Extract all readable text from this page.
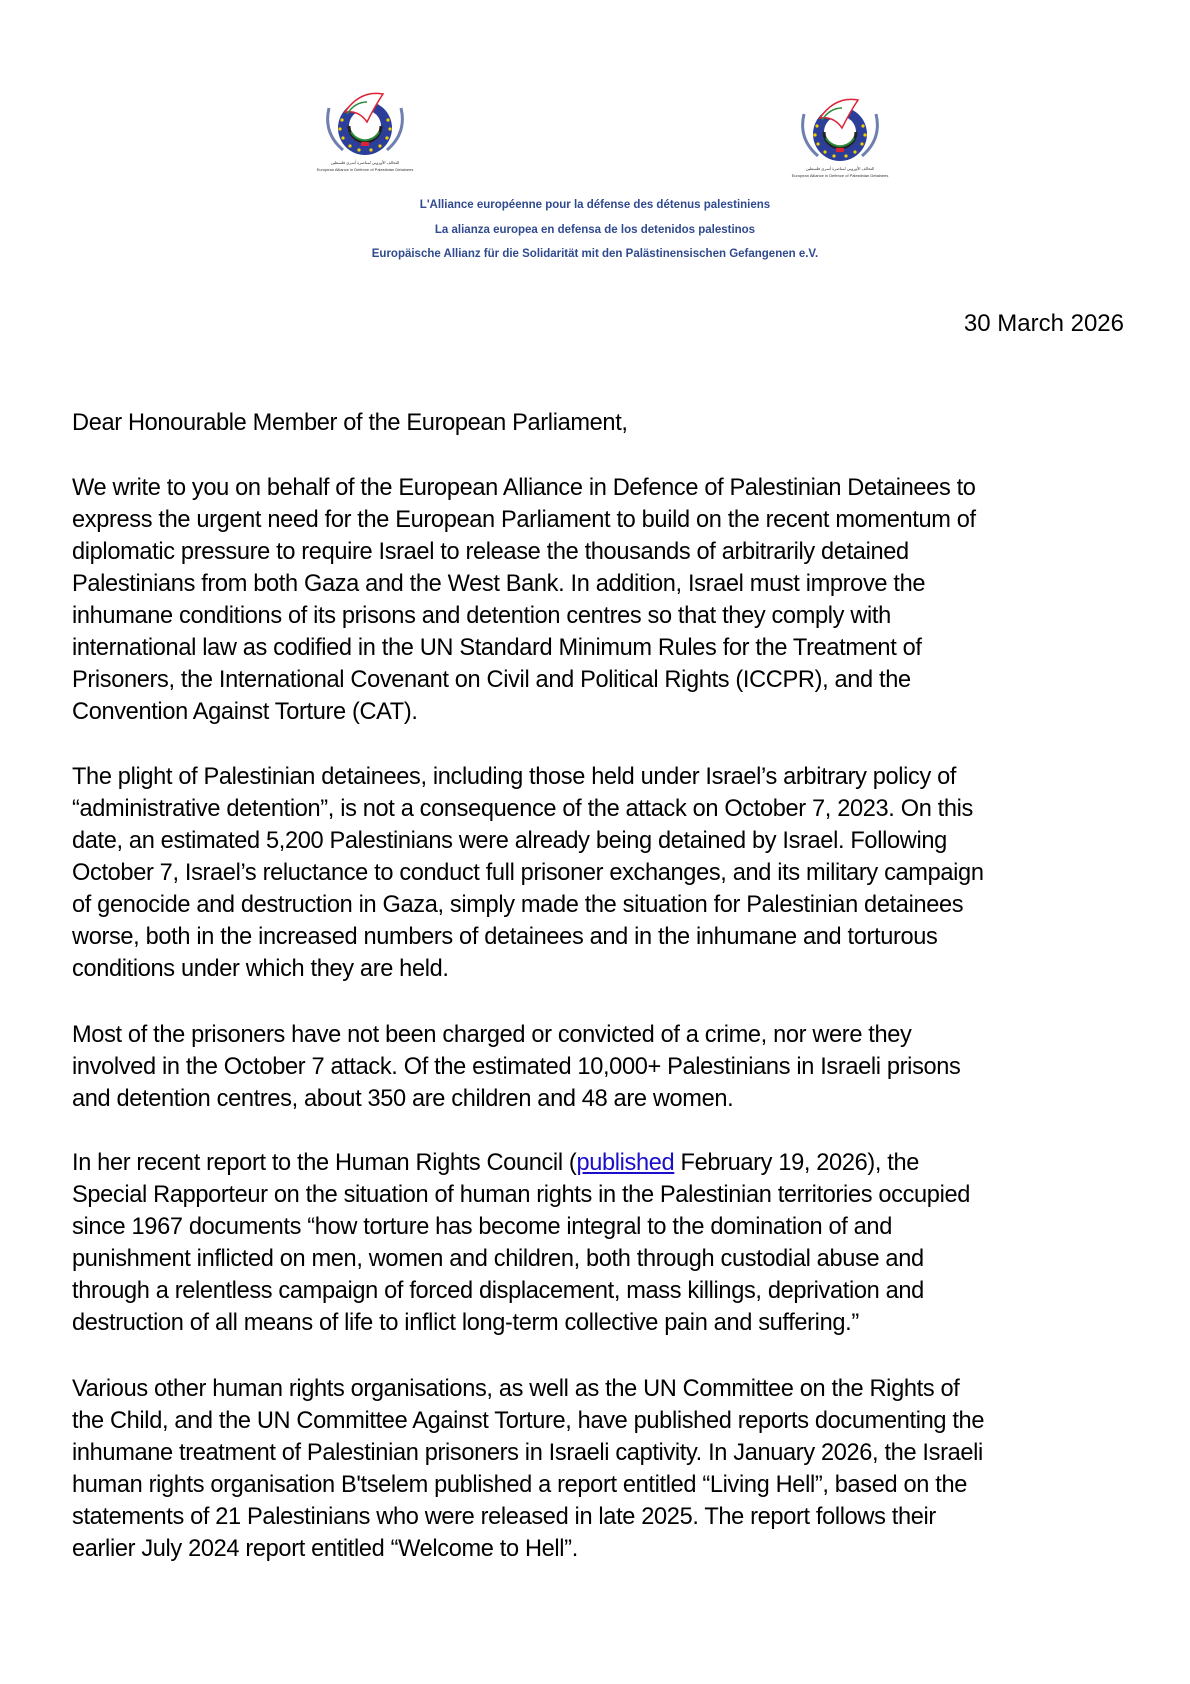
التحالف الأوروبي لمناصرة أسرى فلسطين
European Alliance in Defence of Palestinian Detainees	التحالف الأوروبي لمناصرة أسرى فلسطين
European Alliance in Defence of Palestinian Detainees
L'Alliance européenne pour la défense des détenus palestiniens
La alianza europea en defensa de los detenidos palestinos
Europäische Allianz für die Solidarität mit den Palästinensischen Gefangenen e.V.
30 March 2026
Dear Honourable Member of the European Parliament,
We write to you on behalf of the European Alliance in Defence of Palestinian Detainees to
express the urgent need for the European Parliament to build on the recent momentum of
diplomatic pressure to require Israel to release the thousands of arbitrarily detained
Palestinians from both Gaza and the West Bank. In addition, Israel must improve the
inhumane conditions of its prisons and detention centres so that they comply with
international law as codified in the UN Standard Minimum Rules for the Treatment of
Prisoners, the International Covenant on Civil and Political Rights (ICCPR), and the
Convention Against Torture (CAT).
The plight of Palestinian detainees, including those held under Israel’s arbitrary policy of
“administrative detention”, is not a consequence of the attack on October 7, 2023. On this
date, an estimated 5,200 Palestinians were already being detained by Israel. Following
October 7, Israel’s reluctance to conduct full prisoner exchanges, and its military campaign
of genocide and destruction in Gaza, simply made the situation for Palestinian detainees
worse, both in the increased numbers of detainees and in the inhumane and torturous
conditions under which they are held.
Most of the prisoners have not been charged or convicted of a crime, nor were they
involved in the October 7 attack. Of the estimated 10,000+ Palestinians in Israeli prisons
and detention centres, about 350 are children and 48 are women.
In her recent report to the Human Rights Council (published February 19, 2026), the
Special Rapporteur on the situation of human rights in the Palestinian territories occupied
since 1967 documents “how torture has become integral to the domination of and
punishment inflicted on men, women and children, both through custodial abuse and
through a relentless campaign of forced displacement, mass killings, deprivation and
destruction of all means of life to inflict long-term collective pain and suffering.”
Various other human rights organisations, as well as the UN Committee on the Rights of
the Child, and the UN Committee Against Torture, have published reports documenting the
inhumane treatment of Palestinian prisoners in Israeli captivity. In January 2026, the Israeli
human rights organisation B'tselem published a report entitled “Living Hell”, based on the
statements of 21 Palestinians who were released in late 2025. The report follows their
earlier July 2024 report entitled “Welcome to Hell”.
